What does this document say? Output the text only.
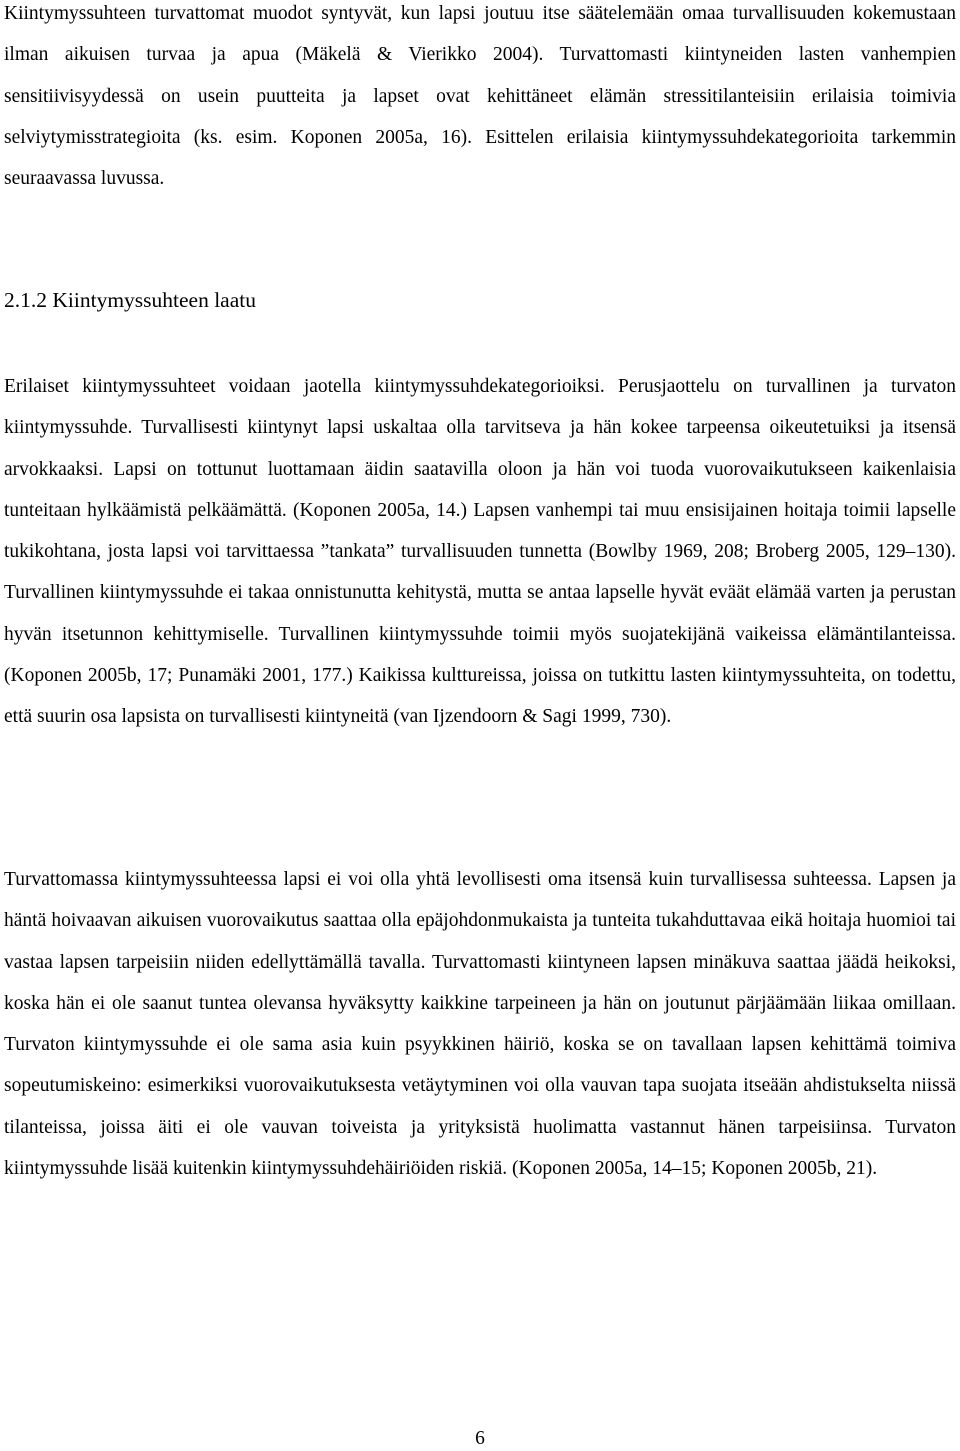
Kiintymyssuhteen turvattomat muodot syntyvät, kun lapsi joutuu itse säätelemään omaa turvallisuuden kokemustaan ilman aikuisen turvaa ja apua (Mäkelä & Vierikko 2004). Turvattomasti kiintyneiden lasten vanhempien sensitiivisyydessä on usein puutteita ja lapset ovat kehittäneet elämän stressitilanteisiin erilaisia toimivia selviytymisstrategioita (ks. esim. Koponen 2005a, 16). Esittelen erilaisia kiintymyssuhdekategorioita tarkemmin seuraavassa luvussa.

2.1.2 Kiintymyssuhteen laatu

Erilaiset kiintymyssuhteet voidaan jaotella kiintymyssuhdekategorioiksi. Perusjaottelu on turvallinen ja turvaton kiintymyssuhde. Turvallisesti kiintynyt lapsi uskaltaa olla tarvitseva ja hän kokee tarpeensa oikeutetuiksi ja itsensä arvokkaaksi. Lapsi on tottunut luottamaan äidin saatavilla oloon ja hän voi tuoda vuorovaikutukseen kaikenlaisia tunteitaan hylkäämistä pelkäämättä. (Koponen 2005a, 14.) Lapsen vanhempi tai muu ensisijainen hoitaja toimii lapselle tukikohtana, josta lapsi voi tarvittaessa ”tankata” turvallisuuden tunnetta (Bowlby 1969, 208; Broberg 2005, 129–130). Turvallinen kiintymyssuhde ei takaa onnistunutta kehitystä, mutta se antaa lapselle hyvät eväät elämää varten ja perustan hyvän itsetunnon kehittymiselle. Turvallinen kiintymyssuhde toimii myös suojatekijänä vaikeissa elämäntilanteissa. (Koponen 2005b, 17; Punamäki 2001, 177.) Kaikissa kulttureissa, joissa on tutkittu lasten kiintymyssuhteita, on todettu, että suurin osa lapsista on turvallisesti kiintyneitä (van Ijzendoorn & Sagi 1999, 730).

Turvattomassa kiintymyssuhteessa lapsi ei voi olla yhtä levollisesti oma itsensä kuin turvallisessa suhteessa. Lapsen ja häntä hoivaavan aikuisen vuorovaikutus saattaa olla epäjohdonmukaista ja tunteita tukahduttavaa eikä hoitaja huomioi tai vastaa lapsen tarpeisiin niiden edellyttämällä tavalla. Turvattomasti kiintyneen lapsen minäkuva saattaa jäädä heikoksi, koska hän ei ole saanut tuntea olevansa hyväksytty kaikkine tarpeineen ja hän on joutunut pärjäämään liikaa omillaan. Turvaton kiintymyssuhde ei ole sama asia kuin psyykkinen häiriö, koska se on tavallaan lapsen kehittämä toimiva sopeutumiskeino: esimerkiksi vuorovaikutuksesta vetäytyminen voi olla vauvan tapa suojata itseään ahdistukselta niissä tilanteissa, joissa äiti ei ole vauvan toiveista ja yrityksistä huolimatta vastannut hänen tarpeisiinsa. Turvaton kiintymyssuhde lisää kuitenkin kiintymyssuhdehäiriöiden riskiä. (Koponen 2005a, 14–15; Koponen 2005b, 21).

6
